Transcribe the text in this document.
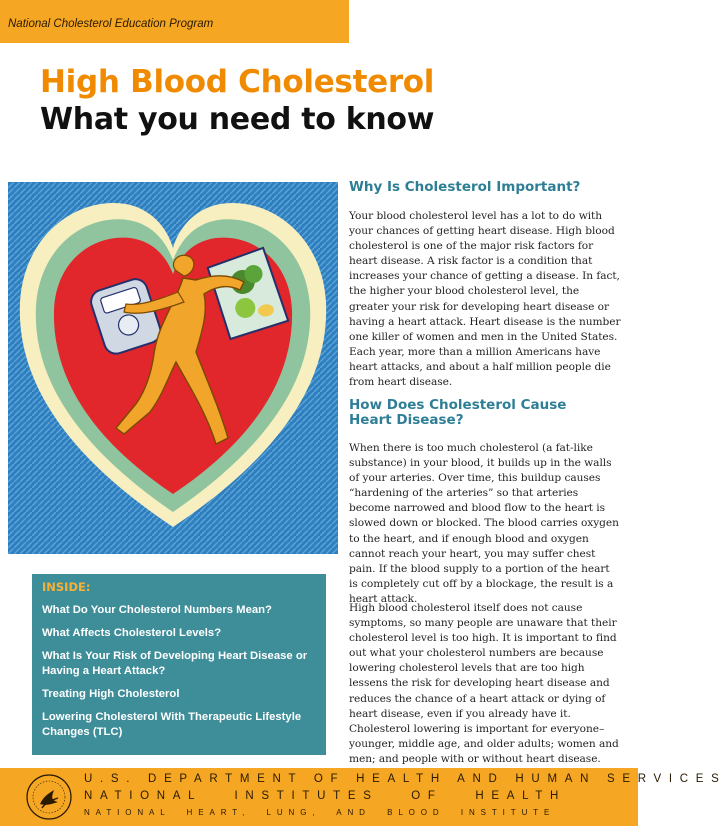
National Cholesterol Education Program
High Blood Cholesterol
What you need to know
Why Is Cholesterol Important?

Your blood cholesterol level has a lot to do with your chances of getting heart disease. High blood cholesterol is one of the major risk factors for heart disease. A risk factor is a condition that increases your chance of getting a disease. In fact, the higher your blood cholesterol level, the greater your risk for developing heart disease or having a heart attack. Heart disease is the number one killer of women and men in the United States. Each year, more than a million Americans have heart attacks, and about a half million people die from heart disease.

How Does Cholesterol Cause
Heart Disease?

When there is too much cholesterol (a fat-like substance) in your blood, it builds up in the walls of your arteries. Over time, this buildup causes “hardening of the arteries” so that arteries become narrowed and blood flow to the heart is slowed down or blocked. The blood carries oxygen to the heart, and if enough blood and oxygen cannot reach your heart, you may suffer chest pain. If the blood supply to a portion of the heart is completely cut off by a blockage, the result is a heart attack.

High blood cholesterol itself does not cause symptoms, so many people are unaware that their cholesterol level is too high. It is important to find out what your cholesterol numbers are because lowering cholesterol levels that are too high lessens the risk for developing heart disease and reduces the chance of a heart attack or dying of heart disease, even if you already have it. Cholesterol lowering is important for everyone–younger, middle age, and older adults; women and men; and people with or without heart disease.

INSIDE:
What Do Your Cholesterol Numbers Mean?
What Affects Cholesterol Levels?
What Is Your Risk of Developing Heart Disease or Having a Heart Attack?
Treating High Cholesterol
Lowering Cholesterol With Therapeutic Lifestyle Changes (TLC)
U.S. DEPARTMENT OF HEALTH AND HUMAN SERVICES
NATIONAL   INSTITUTES   OF   HEALTH
NATIONAL  HEART,  LUNG,  AND  BLOOD  INSTITUTE
